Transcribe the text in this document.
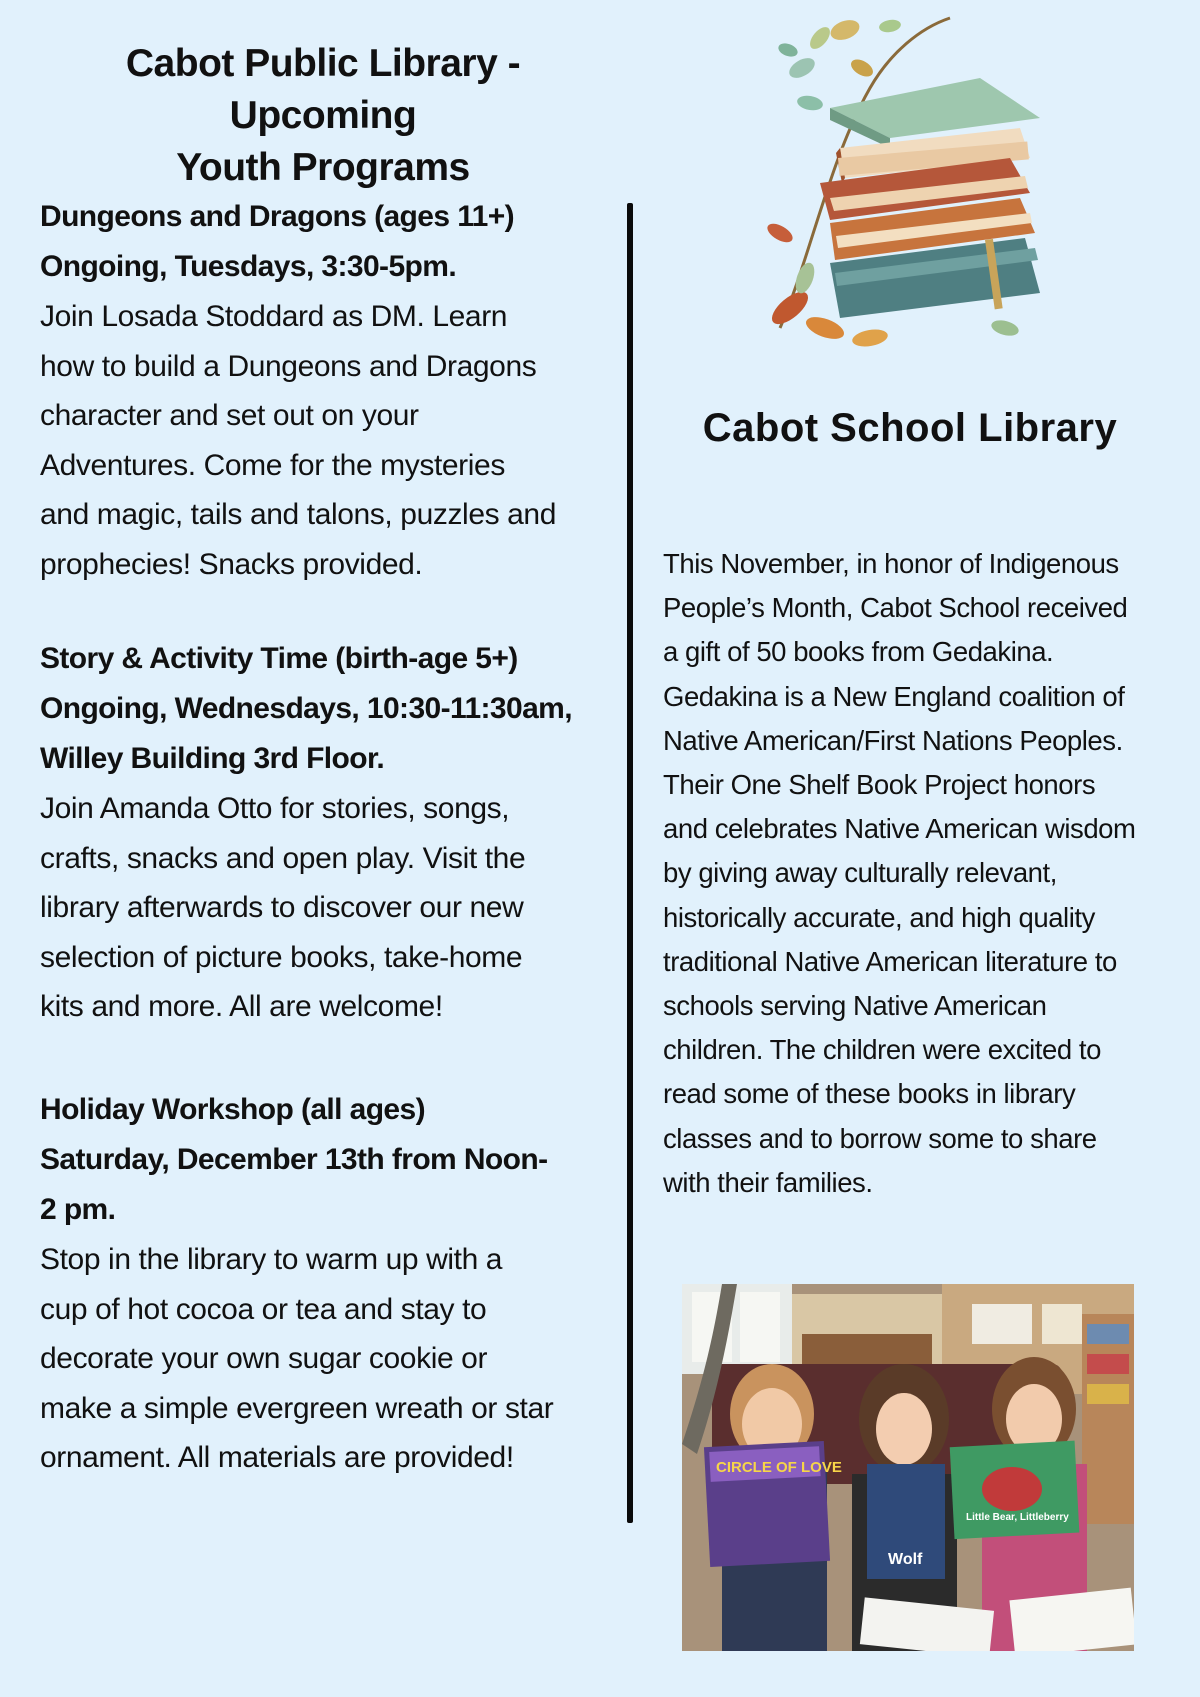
Cabot Public Library - Upcoming
Youth Programs

Dungeons and Dragons (ages 11+)
Ongoing, Tuesdays, 3:30-5pm.

Join Losada Stoddard as DM. Learn
how to build a Dungeons and Dragons
character and set out on your
Adventures. Come for the mysteries
and magic, tails and talons, puzzles and
prophecies! Snacks provided.

Story & Activity Time (birth-age 5+)
Ongoing, Wednesdays, 10:30-11:30am,
Willey Building 3rd Floor.

Join Amanda Otto for stories, songs,
crafts, snacks and open play. Visit the
library afterwards to discover our new
selection of picture books, take-home
kits and more. All are welcome!

Holiday Workshop (all ages)
Saturday, December 13th from Noon-
2 pm.

Stop in the library to warm up with a
cup of hot cocoa or tea and stay to
decorate your own sugar cookie or
make a simple evergreen wreath or star
ornament. All materials are provided!

Cabot School Library

This November, in honor of Indigenous
People’s Month, Cabot School received
a gift of 50 books from Gedakina.
Gedakina is a New England coalition of
Native American/First Nations Peoples.
Their One Shelf Book Project honors
and celebrates Native American wisdom
by giving away culturally relevant,
historically accurate, and high quality
traditional Native American literature to
schools serving Native American
children. The children were excited to
read some of these books in library
classes and to borrow some to share
with their families.

CIRCLE OF LOVE
Wolf
Little Bear, Littleberry
